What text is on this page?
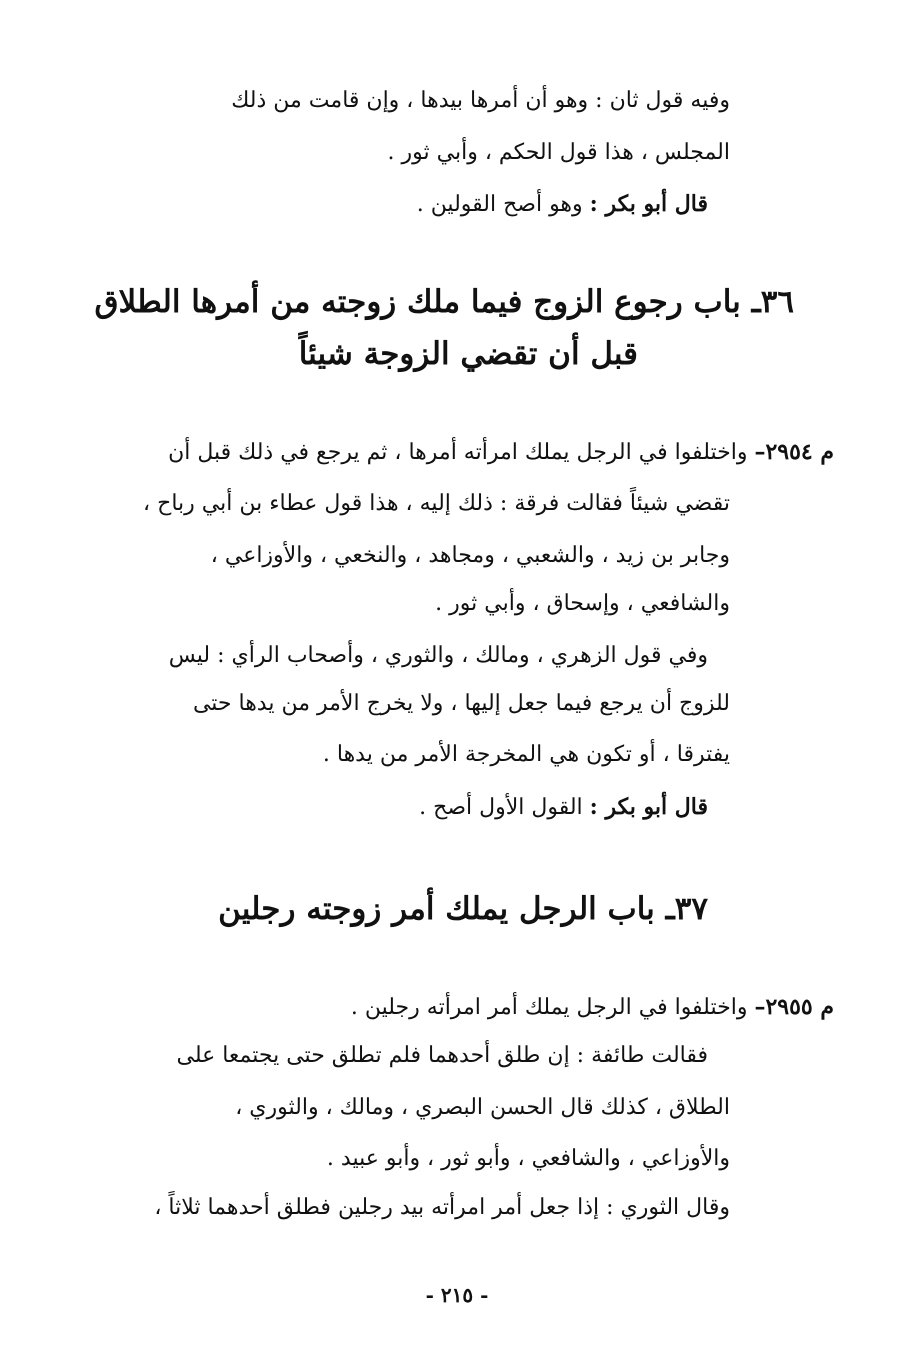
وفيه قول ثان : وهو أن أمرها بيدها ، وإن قامت من ذلك
المجلس ، هذا قول الحكم ، وأبي ثور .
قال أبو بكر : وهو أصح القولين .
٣٦ـ باب رجوع الزوج فيما ملك زوجته من أمرها الطلاق
قبل أن تقضي الزوجة شيئاً
م ٢٩٥٤– واختلفوا في الرجل يملك امرأته أمرها ، ثم يرجع في ذلك قبل أن
تقضي شيئاً فقالت فرقة : ذلك إليه ، هذا قول عطاء بن أبي رباح ،
وجابر بن زيد ، والشعبي ، ومجاهد ، والنخعي ، والأوزاعي ،
والشافعي ، وإسحاق ، وأبي ثور .
وفي قول الزهري ، ومالك ، والثوري ، وأصحاب الرأي : ليس
للزوج أن يرجع فيما جعل إليها ، ولا يخرج الأمر من يدها حتى
يفترقا ، أو تكون هي المخرجة الأمر من يدها .
قال أبو بكر : القول الأول أصح .
٣٧ـ باب الرجل يملك أمر زوجته رجلين
م ٢٩٥٥– واختلفوا في الرجل يملك أمر امرأته رجلين .
فقالت طائفة : إن طلق أحدهما فلم تطلق حتى يجتمعا على
الطلاق ، كذلك قال الحسن البصري ، ومالك ، والثوري ،
والأوزاعي ، والشافعي ، وأبو ثور ، وأبو عبيد .
وقال الثوري : إذا جعل أمر امرأته بيد رجلين فطلق أحدهما ثلاثاً ،
- ٢١٥ -
